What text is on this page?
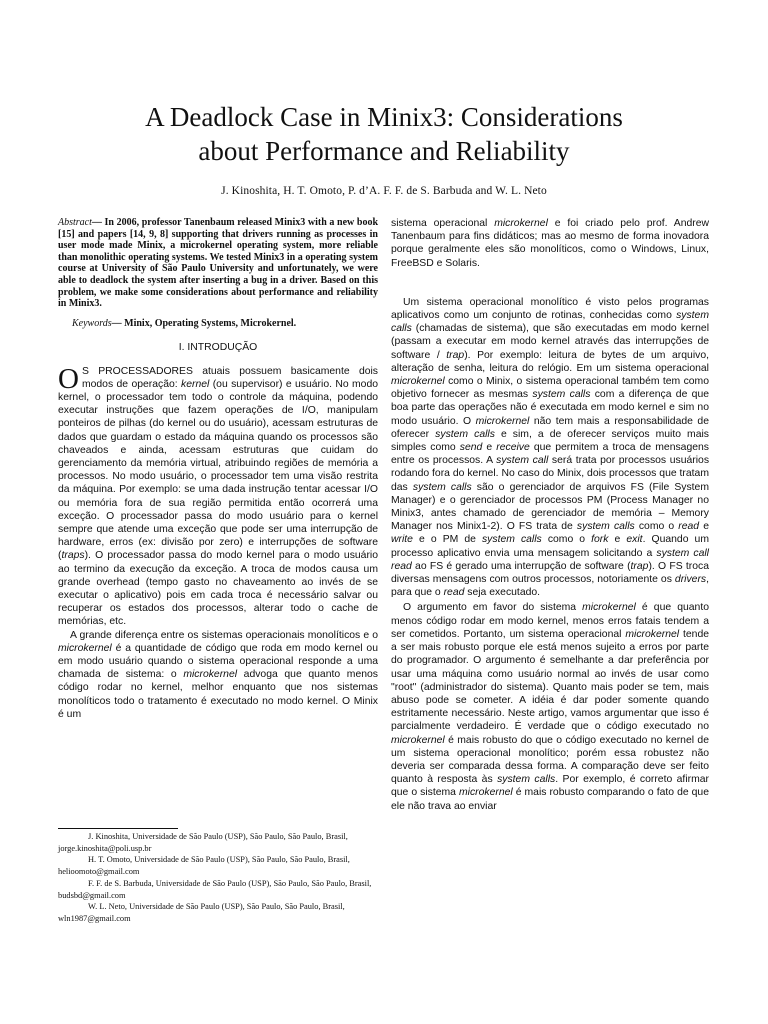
A Deadlock Case in Minix3: Considerations
about Performance and Reliability
J. Kinoshita, H. T. Omoto, P. d’A. F. F. de S. Barbuda and W. L. Neto

Abstract— In 2006, professor Tanenbaum released Minix3 with a new book [15] and papers [14, 9, 8] supporting that drivers running as processes in user mode made Minix, a microkernel operating system, more reliable than monolithic operating systems. We tested Minix3 in a operating system course at University of São Paulo University and unfortunately, we were able to deadlock the system after inserting a bug in a driver. Based on this problem, we make some considerations about performance and reliability in Minix3.

Keywords— Minix, Operating Systems, Microkernel.

I. INTRODUÇÃO

O S PROCESSADORES atuais possuem basicamente dois modos de operação: kernel (ou supervisor) e usuário. No modo kernel, o processador tem todo o controle da máquina, podendo executar instruções que fazem operações de I/O, manipulam ponteiros de pilhas (do kernel ou do usuário), acessam estruturas de dados que guardam o estado da máquina quando os processos são chaveados e ainda, acessam estruturas que cuidam do gerenciamento da memória virtual, atribuindo regiões de memória a processos. No modo usuário, o processador tem uma visão restrita da máquina. Por exemplo: se uma dada instrução tentar acessar I/O ou memória fora de sua região permitida então ocorrerá uma exceção. O processador passa do modo usuário para o kernel sempre que atende uma exceção que pode ser uma interrupção de hardware, erros (ex: divisão por zero) e interrupções de software (traps). O processador passa do modo kernel para o modo usuário ao termino da execução da exceção. A troca de modos causa um grande overhead (tempo gasto no chaveamento ao invés de se executar o aplicativo) pois em cada troca é necessário salvar ou recuperar os estados dos processos, alterar todo o cache de memórias, etc.

A grande diferença entre os sistemas operacionais monolíticos e o microkernel é a quantidade de código que roda em modo kernel ou em modo usuário quando o sistema operacional responde a uma chamada de sistema: o microkernel advoga que quanto menos código rodar no kernel, melhor enquanto que nos sistemas monolíticos todo o tratamento é executado no modo kernel. O Minix é um

J. Kinoshita, Universidade de São Paulo (USP), São Paulo, São Paulo, Brasil, jorge.kinoshita@poli.usp.br

H. T. Omoto, Universidade de São Paulo (USP), São Paulo, São Paulo, Brasil, helioomoto@gmail.com

F. F. de S. Barbuda, Universidade de São Paulo (USP), São Paulo, São Paulo, Brasil, budsbd@gmail.com

W. L. Neto, Universidade de São Paulo (USP), São Paulo, São Paulo, Brasil, wln1987@gmail.com

sistema operacional microkernel e foi criado pelo prof. Andrew Tanenbaum para fins didáticos; mas ao mesmo de forma inovadora porque geralmente eles são monolíticos, como o Windows, Linux, FreeBSD e Solaris.

Um sistema operacional monolítico é visto pelos programas aplicativos como um conjunto de rotinas, conhecidas como system calls (chamadas de sistema), que são executadas em modo kernel (passam a executar em modo kernel através das interrupções de software / trap). Por exemplo: leitura de bytes de um arquivo, alteração de senha, leitura do relógio. Em um sistema operacional microkernel como o Minix, o sistema operacional também tem como objetivo fornecer as mesmas system calls com a diferença de que boa parte das operações não é executada em modo kernel e sim no modo usuário. O microkernel não tem mais a responsabilidade de oferecer system calls e sim, a de oferecer serviços muito mais simples como send e receive que permitem a troca de mensagens entre os processos. A system call será trata por processos usuários rodando fora do kernel. No caso do Minix, dois processos que tratam das system calls são o gerenciador de arquivos FS (File System Manager) e o gerenciador de processos PM (Process Manager no Minix3, antes chamado de gerenciador de memória – Memory Manager nos Minix1-2). O FS trata de system calls como o read e write e o PM de system calls como o fork e exit. Quando um processo aplicativo envia uma mensagem solicitando a system call read ao FS é gerado uma interrupção de software (trap). O FS troca diversas mensagens com outros processos, notoriamente os drivers, para que o read seja executado.

O argumento em favor do sistema microkernel é que quanto menos código rodar em modo kernel, menos erros fatais tendem a ser cometidos. Portanto, um sistema operacional microkernel tende a ser mais robusto porque ele está menos sujeito a erros por parte do programador. O argumento é semelhante a dar preferência por usar uma máquina como usuário normal ao invés de usar como "root" (administrador do sistema). Quanto mais poder se tem, mais abuso pode se cometer. A idéia é dar poder somente quando estritamente necessário. Neste artigo, vamos argumentar que isso é parcialmente verdadeiro. É verdade que o código executado no microkernel é mais robusto do que o código executado no kernel de um sistema operacional monolítico; porém essa robustez não deveria ser comparada dessa forma. A comparação deve ser feito quanto à resposta às system calls. Por exemplo, é correto afirmar que o sistema microkernel é mais robusto comparando o fato de que ele não trava ao enviar
